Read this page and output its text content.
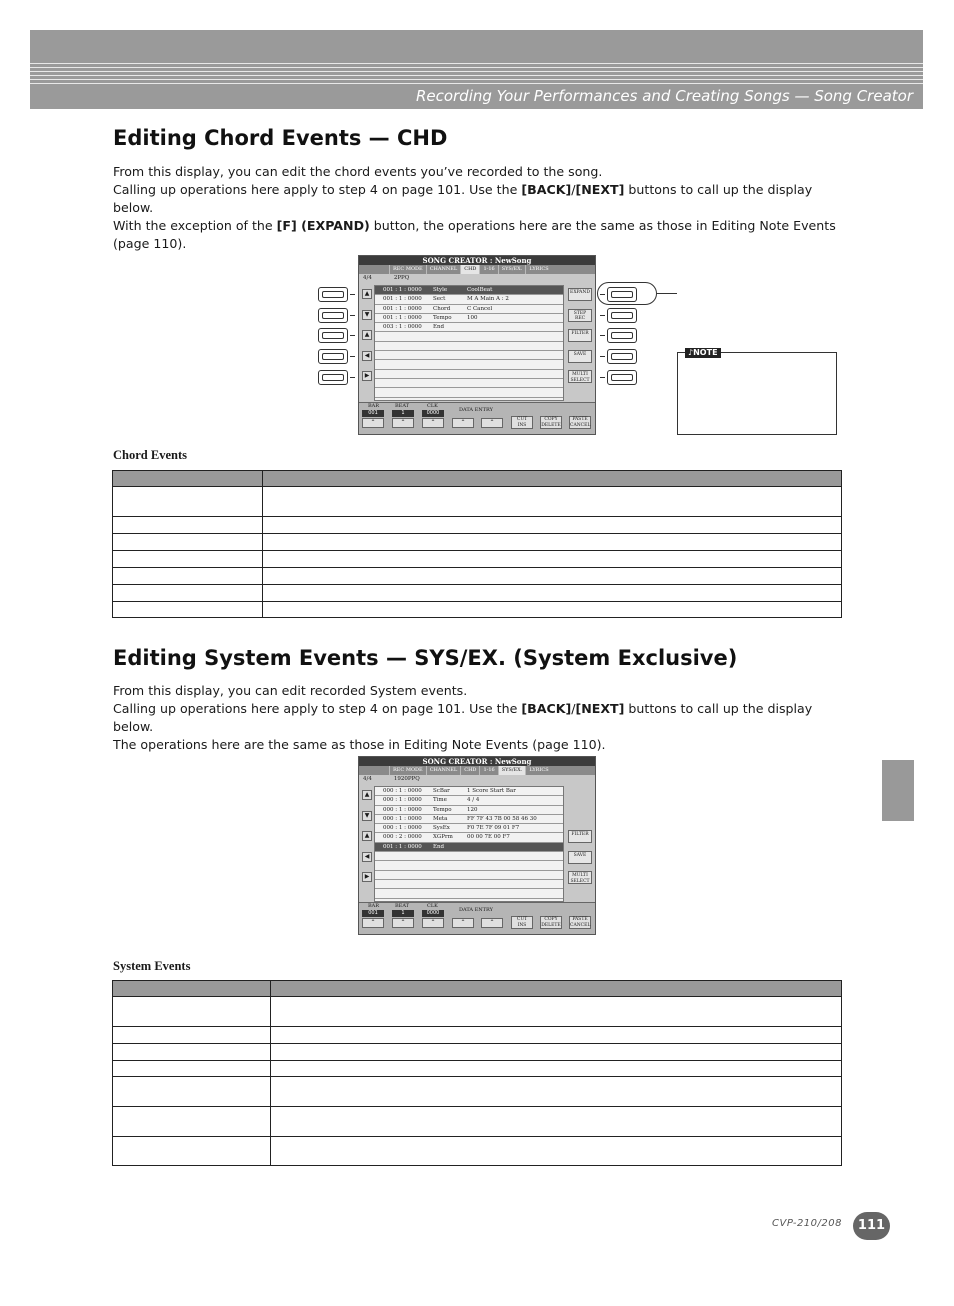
Recording Your Performances and Creating Songs — Song Creator
Editing Chord Events — CHD
From this display, you can edit the chord events you’ve recorded to the song.
Calling up operations here apply to step 4 on page 101. Use the [BACK]/[NEXT] buttons to call up the display below.
With the exception of the [F] (EXPAND) button, the operations here are the same as those in Editing Note Events
(page 110).
SONG CREATOR : NewSong
REC MODE	CHANNEL	CHD	1-16	SYS/EX.	LYRICS
4/4	2PPQ
001 : 1 : 0000	Style	CoolBeat
001 : 1 : 0000	Sect	M A Main A : 2
001 : 1 : 0000	Chord	C Cancel
001 : 1 : 0000	Tempo	100
003 : 1 : 0000	End
BAR	BEAT	CLK
DATA ENTRY
001	1	0000
⌃	⌃	⌃	⌃	⌃	CUT
INS
COPY
DELETE
PASTE
CANCEL
▲
▼
▲
◀
▶
EXPAND
STEP REC
FILTER
SAVE
MULTI SELECT
♪NOTE
Chord Events

Editing System Events — SYS/EX. (System Exclusive)
From this display, you can edit recorded System events.
Calling up operations here apply to step 4 on page 101. Use the [BACK]/[NEXT] buttons to call up the display below.
The operations here are the same as those in Editing Note Events (page 110).
SONG CREATOR : NewSong
REC MODE	CHANNEL	CHD	1-16	SYS/EX.	LYRICS
4/4	1920PPQ
000 : 1 : 0000	ScBar	1 Score Start Bar
000 : 1 : 0000	Time	4 / 4
000 : 1 : 0000	Tempo	120
000 : 1 : 0000	Meta	FF 7F 43 7B 00 58 46 30
000 : 1 : 0000	SysEx	F0 7E 7F 09 01 F7
000 : 2 : 0000	XGPrm	00 00 7E 00 F7
001 : 1 : 0000	End
BAR	BEAT	CLK
DATA ENTRY
001	1	0000
⌃	⌃	⌃	⌃	⌃	CUT
INS
COPY
DELETE
PASTE
CANCEL
▲
▼
▲
◀
▶
FILTER
SAVE
MULTI SELECT
System Events

CVP-210/208	111
